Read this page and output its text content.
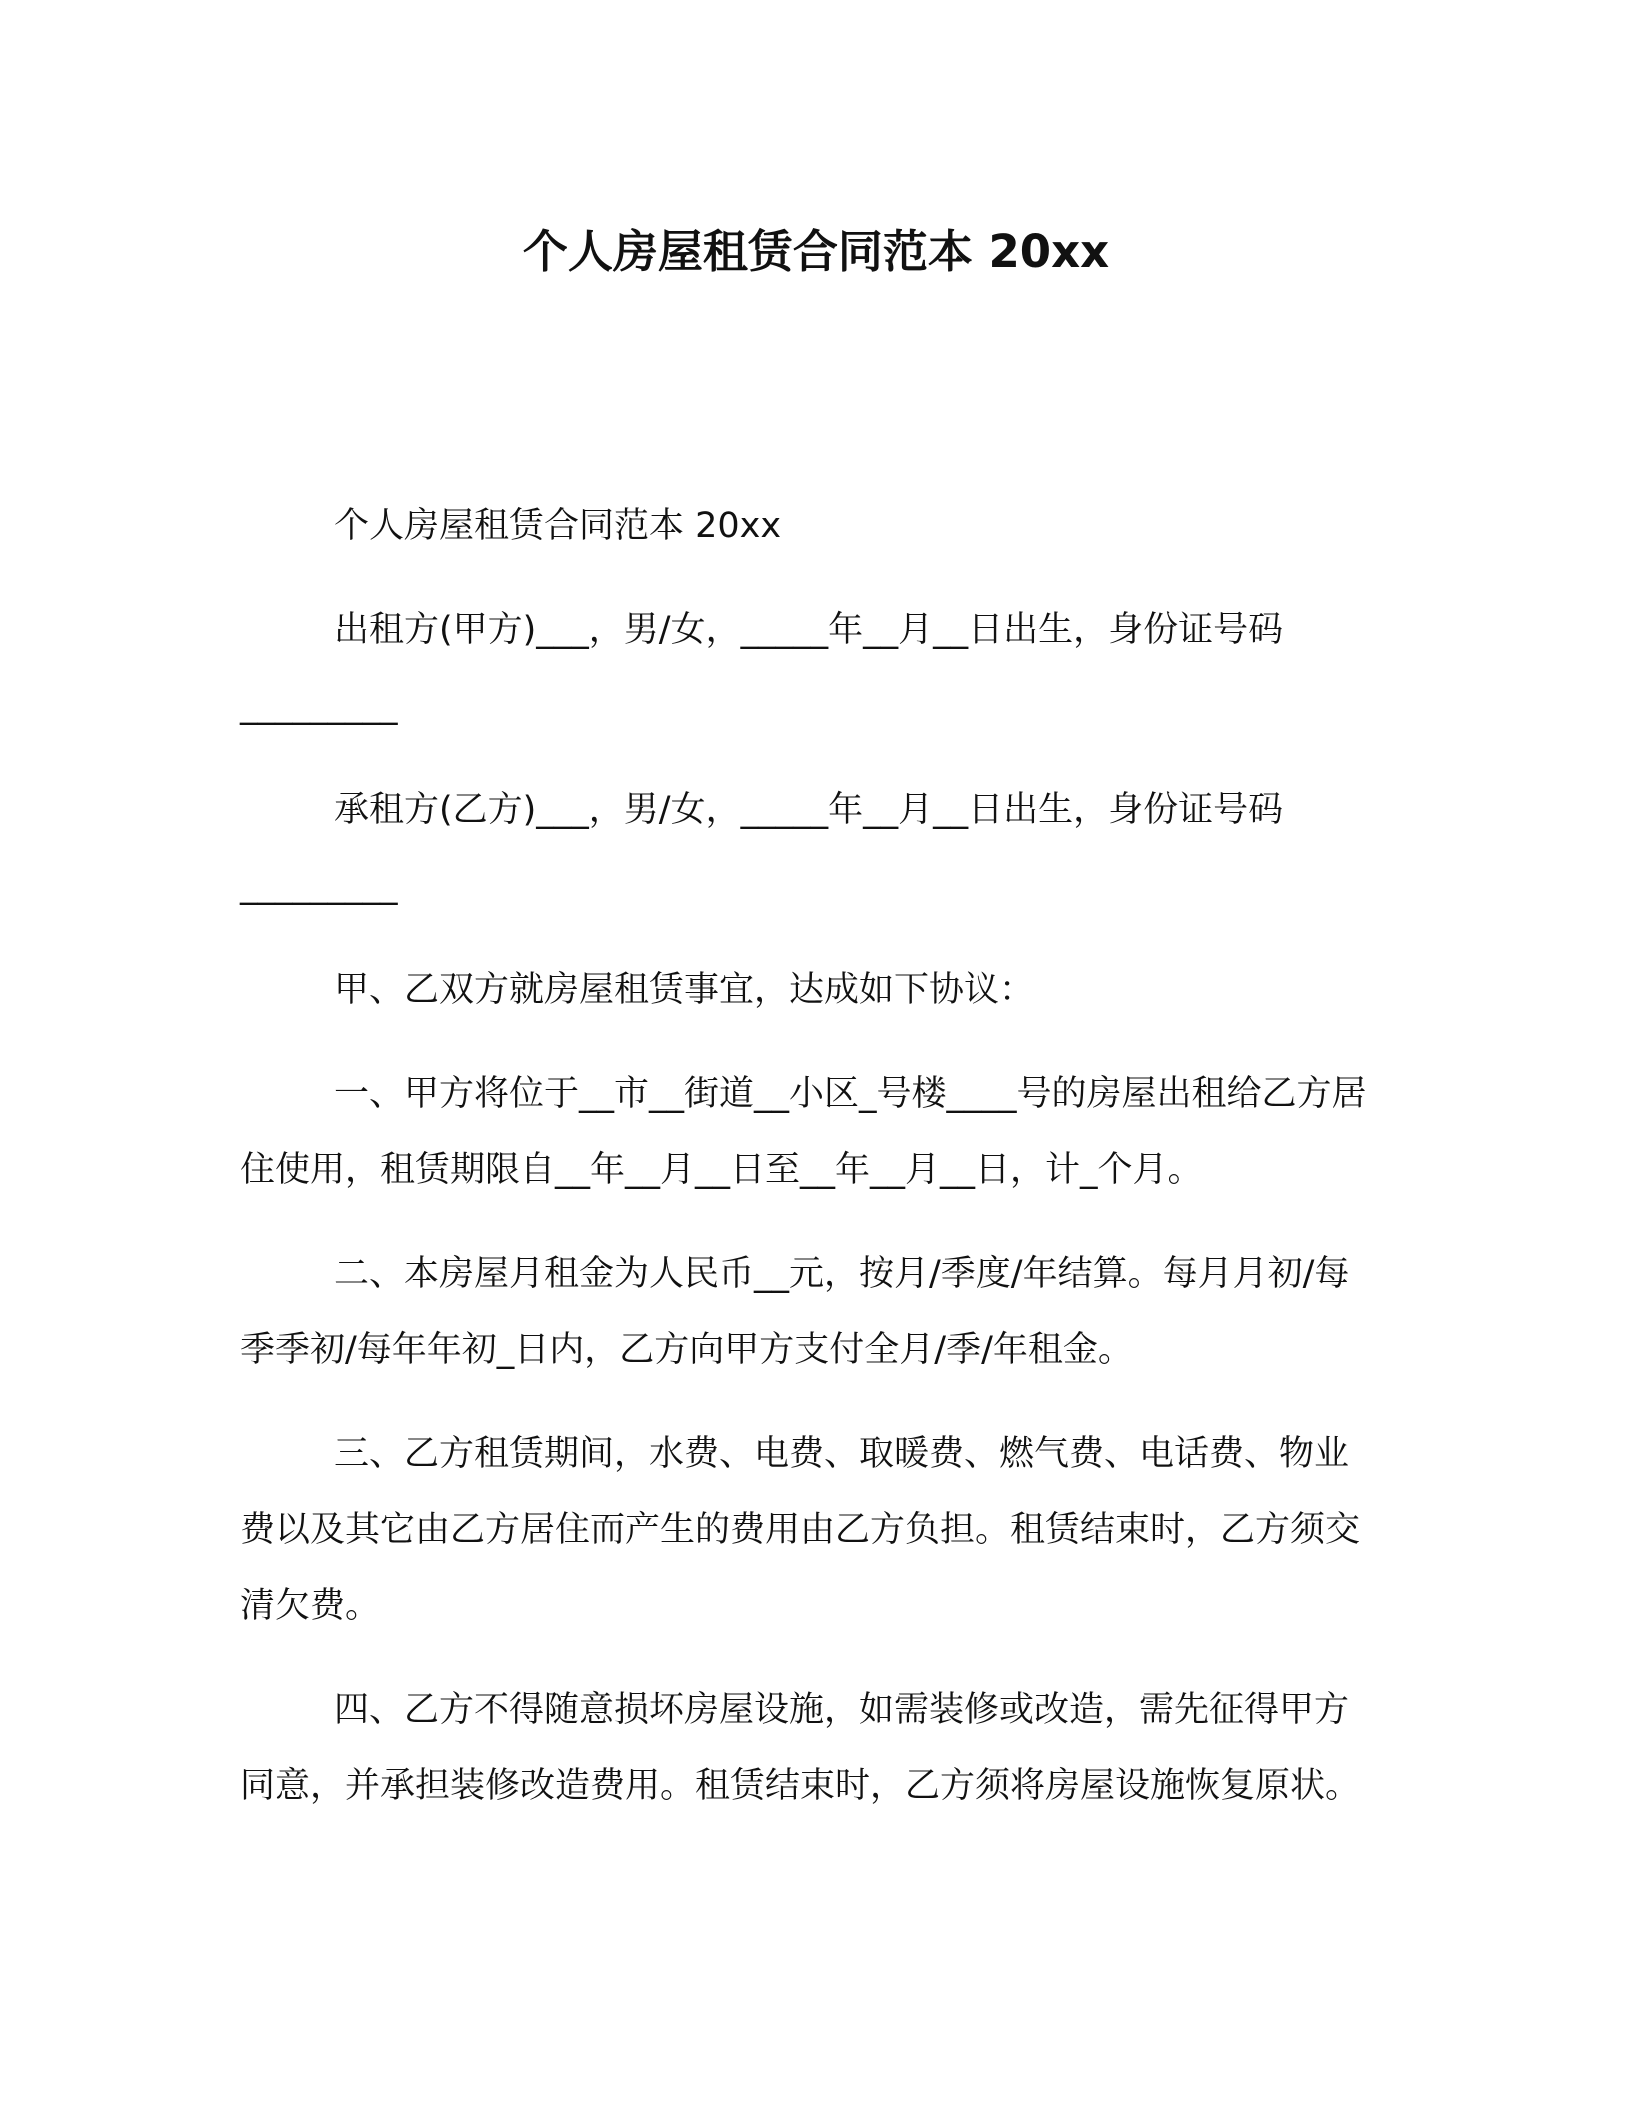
个人房屋租赁合同范本 20xx

个人房屋租赁合同范本 20xx

出租方(甲方)___，男/女，_____年__月__日出生，身份证号码

_________

承租方(乙方)___，男/女，_____年__月__日出生，身份证号码

_________

甲、乙双方就房屋租赁事宜，达成如下协议：

一、甲方将位于__市__街道__小区_号楼____号的房屋出租给乙方居住使用，租赁期限自__年__月__日至__年__月__日，计_个月。

二、本房屋月租金为人民币__元，按月/季度/年结算。每月月初/每季季初/每年年初_日内，乙方向甲方支付全月/季/年租金。

三、乙方租赁期间，水费、电费、取暖费、燃气费、电话费、物业费以及其它由乙方居住而产生的费用由乙方负担。租赁结束时，乙方须交清欠费。

四、乙方不得随意损坏房屋设施，如需装修或改造，需先征得甲方同意，并承担装修改造费用。租赁结束时，乙方须将房屋设施恢复原状。
